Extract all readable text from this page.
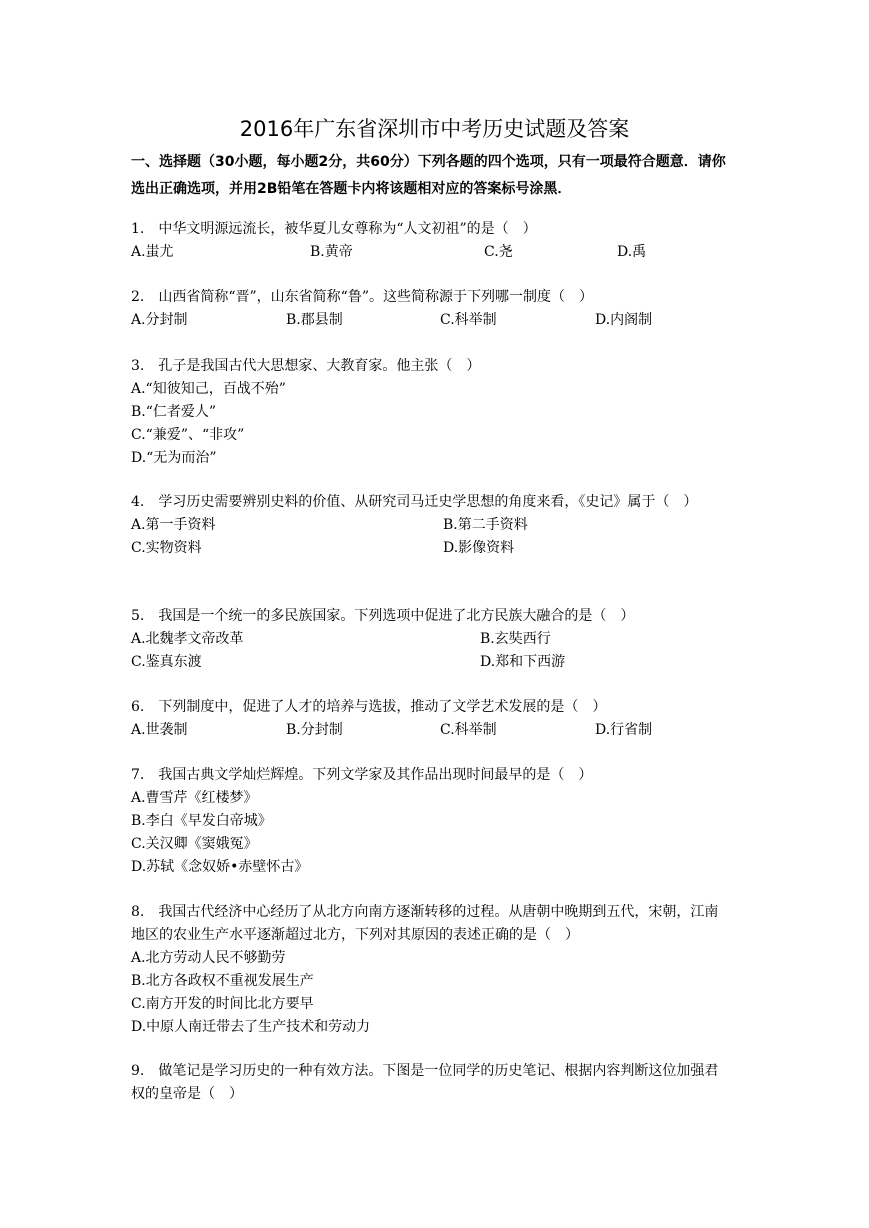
2016年广东省深圳市中考历史试题及答案
一、选择题（30小题，每小题2分，共60分）下列各题的四个选项，只有一项最符合题意．请你选出正确选项，并用2B铅笔在答题卡内将该题相对应的答案标号涂黑．
1.　中华文明源远流长，被华夏儿女尊称为“人文初祖”的是（　）
A.蚩尤	B.黄帝	C.尧	D.禹
2.　山西省简称“晋”，山东省简称“鲁”。这些简称源于下列哪一制度（　）
A.分封制	B.郡县制	C.科举制	D.内阁制
3.　孔子是我国古代大思想家、大教育家。他主张（　）
A.“知彼知己，百战不殆”
B.“仁者爱人”
C.“兼爱”、“非攻”
D.“无为而治”
4.　学习历史需要辨别史料的价值、从研究司马迁史学思想的角度来看，《史记》属于（　）
A.第一手资料	B.第二手资料
C.实物资料	D.影像资料
5.　我国是一个统一的多民族国家。下列选项中促进了北方民族大融合的是（　）
A.北魏孝文帝改革	B.玄奘西行
C.鉴真东渡	D.郑和下西游
6.　下列制度中，促进了人才的培养与选拔，推动了文学艺术发展的是（　）
A.世袭制	B.分封制	C.科举制	D.行省制
7.　我国古典文学灿烂辉煌。下列文学家及其作品出现时间最早的是（　）
A.曹雪芹《红楼梦》
B.李白《早发白帝城》
C.关汉卿《窦娥冤》
D.苏轼《念奴娇•赤壁怀古》
8.　我国古代经济中心经历了从北方向南方逐渐转移的过程。从唐朝中晚期到五代，宋朝，江南地区的农业生产水平逐渐超过北方，下列对其原因的表述正确的是（　）
A.北方劳动人民不够勤劳
B.北方各政权不重视发展生产
C.南方开发的时间比北方要早
D.中原人南迁带去了生产技术和劳动力
9.　做笔记是学习历史的一种有效方法。下图是一位同学的历史笔记、根据内容判断这位加强君权的皇帝是（　）
